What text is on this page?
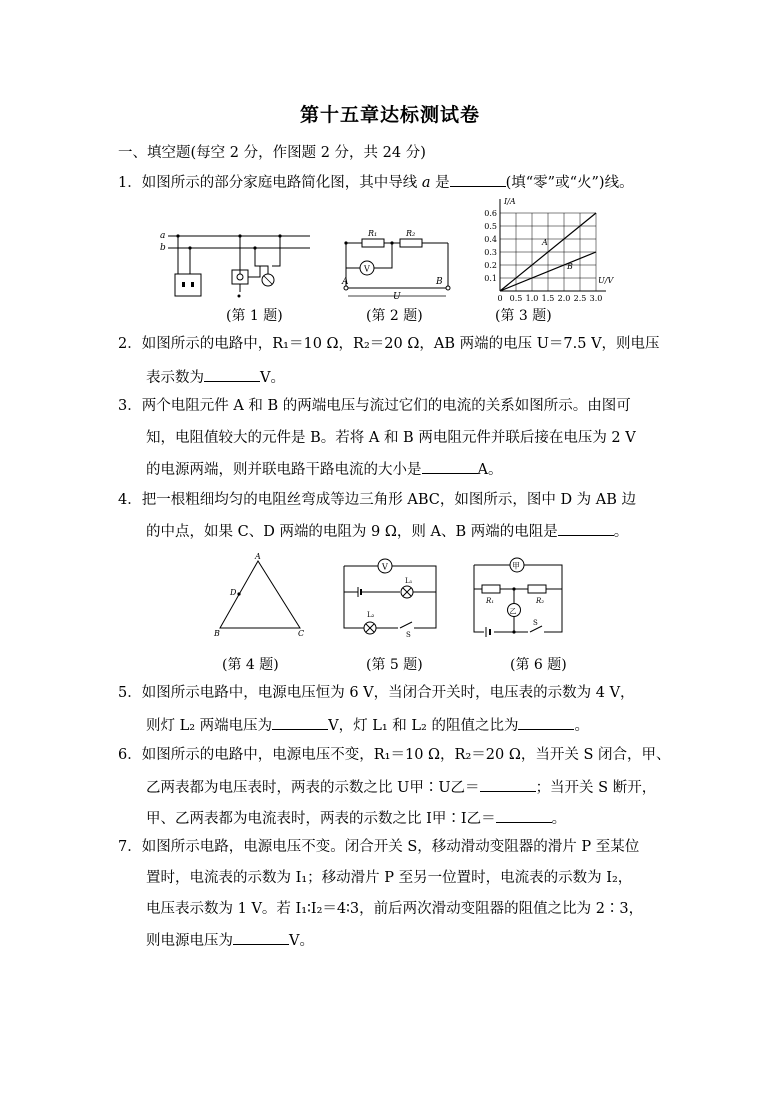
第十五章达标测试卷
一、填空题(每空 2 分，作图题 2 分，共 24 分)
1．如图所示的部分家庭电路简化图，其中导线 a 是	(填“零”或“火”)线。
a
b
(第 1 题)
R₁	R₂
V
A	B
U
(第 2 题)
I/A
U/V
0.6
0.5
0.4
0.3
0.2
0.1
0 0.5 1.0 1.5 2.0 2.5 3.0
A
B
(第 3 题)
2．如图所示的电路中，R₁＝10 Ω，R₂＝20 Ω，AB 两端的电压 U＝7.5 V，则电压
表示数为	V。
3．两个电阻元件 A 和 B 的两端电压与流过它们的电流的关系如图所示。由图可
知，电阻值较大的元件是 B。若将 A 和 B 两电阻元件并联后接在电压为 2 V
的电源两端，则并联电路干路电流的大小是	A。
4．把一根粗细均匀的电阻丝弯成等边三角形 ABC，如图所示，图中 D 为 AB 边
的中点，如果 C、D 两端的电阻为 9 Ω，则 A、B 两端的电阻是	。
A
B	C
D
(第 4 题)
V
L₁
L₂
S
(第 5 题)
甲
R₁	R₂
乙
S
(第 6 题)
5．如图所示电路中，电源电压恒为 6 V，当闭合开关时，电压表的示数为 4 V，
则灯 L₂ 两端电压为	V，灯 L₁ 和 L₂ 的阻值之比为	。
6．如图所示的电路中，电源电压不变，R₁＝10 Ω，R₂＝20 Ω，当开关 S 闭合，甲、
乙两表都为电压表时，两表的示数之比 U甲∶U乙＝	；当开关 S 断开，
甲、乙两表都为电流表时，两表的示数之比 I甲∶I乙＝	。
7．如图所示电路，电源电压不变。闭合开关 S，移动滑动变阻器的滑片 P 至某位
置时，电流表的示数为 I₁；移动滑片 P 至另一位置时，电流表的示数为 I₂，
电压表示数为 1 V。若 I₁∶I₂＝4∶3，前后两次滑动变阻器的阻值之比为 2∶3，
则电源电压为	V。
